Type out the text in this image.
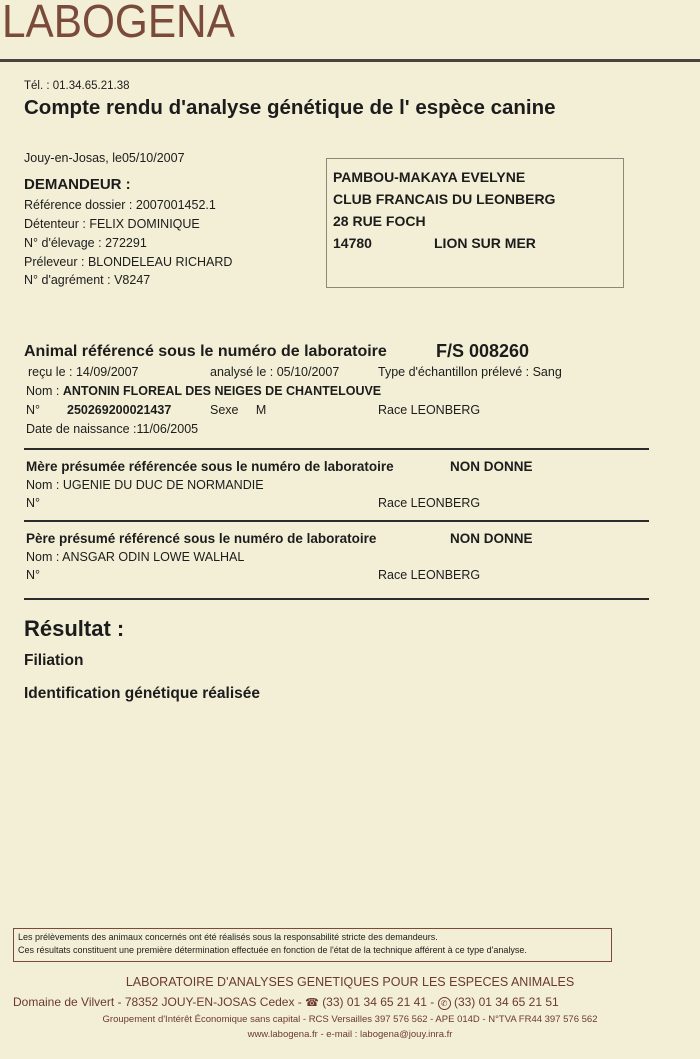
LABOGENA
Tél. : 01.34.65.21.38
Compte rendu d'analyse génétique de l' espèce canine
Jouy-en-Josas, le05/10/2007
DEMANDEUR :
Référence dossier : 2007001452.1
Détenteur : FELIX DOMINIQUE
N° d'élevage : 272291
Préleveur : BLONDELEAU RICHARD
N° d'agrément : V8247
PAMBOU-MAKAYA EVELYNE
CLUB FRANCAIS DU LEONBERG
28 RUE FOCH
14780	LION SUR MER
Animal référencé sous le numéro de laboratoire	F/S 008260
reçu le : 14/09/2007	analysé le : 05/10/2007	Type d'échantillon prélevé : Sang
Nom : ANTONIN FLOREAL DES NEIGES DE CHANTELOUVE
N° 250269200021437	Sexe M	Race LEONBERG
Date de naissance :11/06/2005
Mère présumée référencée sous le numéro de laboratoire	NON DONNE
Nom : UGENIE DU DUC DE NORMANDIE
N°	Race LEONBERG
Père présumé référencé sous le numéro de laboratoire	NON DONNE
Nom : ANSGAR ODIN LOWE WALHAL
N°	Race LEONBERG
Résultat :
Filiation
Identification génétique réalisée
Les prélèvements des animaux concernés ont été réalisés sous la responsabilité stricte des demandeurs.
Ces résultats constituent une première détermination effectuée en fonction de l'état de la technique afférent à ce type d'analyse.
LABORATOIRE D'ANALYSES GENETIQUES POUR LES ESPECES ANIMALES
Domaine de Vilvert - 78352 JOUY-EN-JOSAS Cedex - ☎ (33) 01 34 65 21 41 - ✆ (33) 01 34 65 21 51
Groupement d'Intérêt Économique sans capital - RCS Versailles 397 576 562 - APE 014D - N°TVA FR44 397 576 562
www.labogena.fr - e-mail : labogena@jouy.inra.fr
